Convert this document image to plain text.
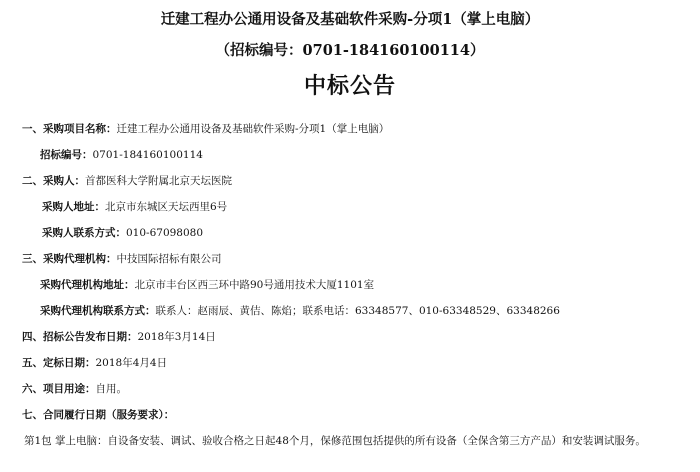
迁建工程办公通用设备及基础软件采购-分项1（掌上电脑）
（招标编号：0701-184160100114）
中标公告
一、采购项目名称：迁建工程办公通用设备及基础软件采购-分项1（掌上电脑）
招标编号：0701-184160100114
二、采购人：首都医科大学附属北京天坛医院
采购人地址：北京市东城区天坛西里6号
采购人联系方式：010-67098080
三、采购代理机构：中技国际招标有限公司
采购代理机构地址：北京市丰台区西三环中路90号通用技术大厦1101室
采购代理机构联系方式：联系人：赵雨辰、黄佶、陈焰；联系电话：63348577、010-63348529、63348266
四、招标公告发布日期：2018年3月14日
五、定标日期：2018年4月4日
六、项目用途：自用。
七、合同履行日期（服务要求）：
第1包 掌上电脑：自设备安装、调试、验收合格之日起48个月，保修范围包括提供的所有设备（全保含第三方产品）和安装调试服务。
